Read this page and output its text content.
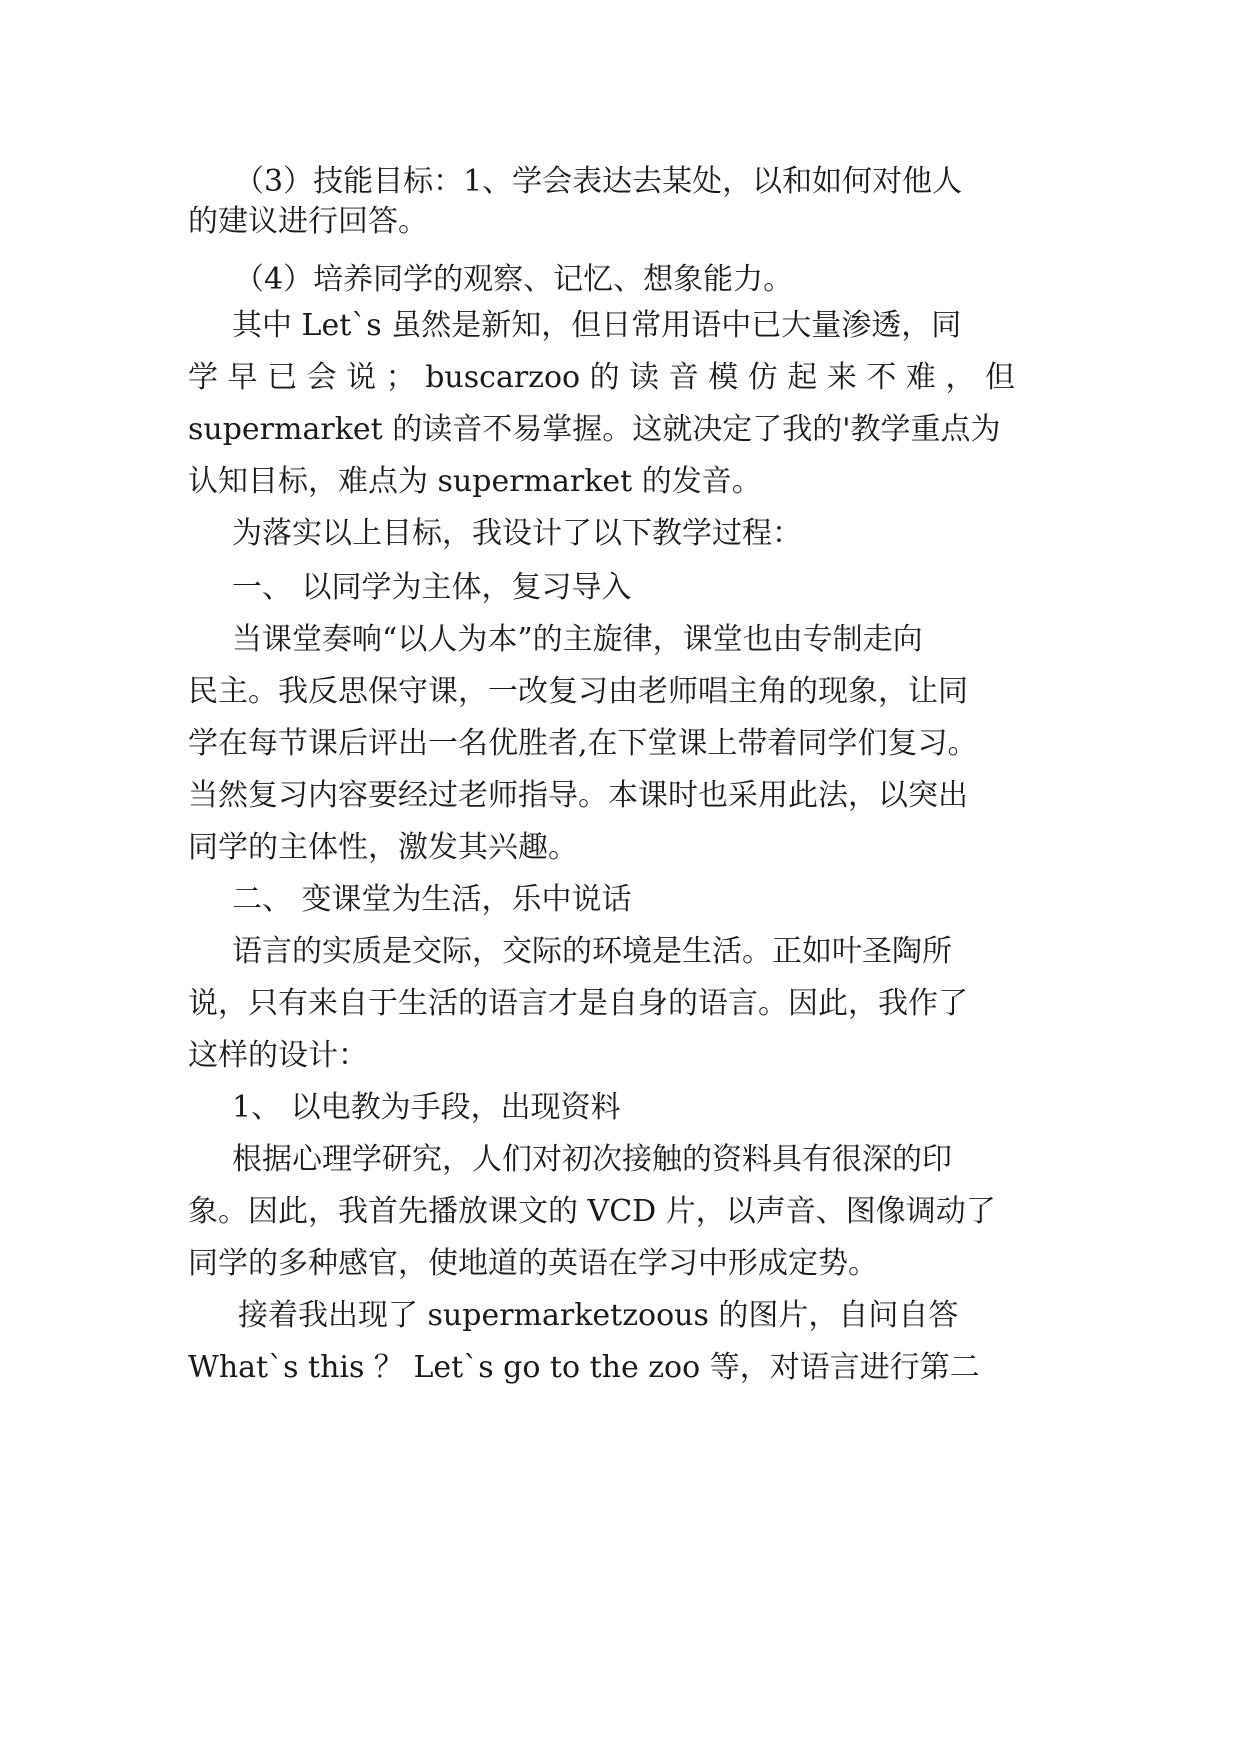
（3）技能目标：1、学会表达去某处，以和如何对他人
的建议进行回答。
（4）培养同学的观察、记忆、想象能力。
其中 Let`s 虽然是新知，但日常用语中已大量渗透，同
学 早 已 会 说 ； buscarzoo 的 读 音 模 仿 起 来 不 难 ， 但
supermarket 的读音不易掌握。这就决定了我的'教学重点为
认知目标，难点为 supermarket 的发音。
为落实以上目标，我设计了以下教学过程：
一、 以同学为主体，复习导入
当课堂奏响“以人为本”的主旋律，课堂也由专制走向
民主。我反思保守课，一改复习由老师唱主角的现象，让同
学在每节课后评出一名优胜者,在下堂课上带着同学们复习。
当然复习内容要经过老师指导。本课时也采用此法，以突出
同学的主体性，激发其兴趣。
二、 变课堂为生活，乐中说话
语言的实质是交际，交际的环境是生活。正如叶圣陶所
说，只有来自于生活的语言才是自身的语言。因此，我作了
这样的设计：
1、 以电教为手段，出现资料
根据心理学研究，人们对初次接触的资料具有很深的印
象。因此，我首先播放课文的 VCD 片，以声音、图像调动了
同学的多种感官，使地道的英语在学习中形成定势。
接着我出现了 supermarketzoous 的图片，自问自答
What`s this ？ Let`s go to the zoo 等，对语言进行第二
